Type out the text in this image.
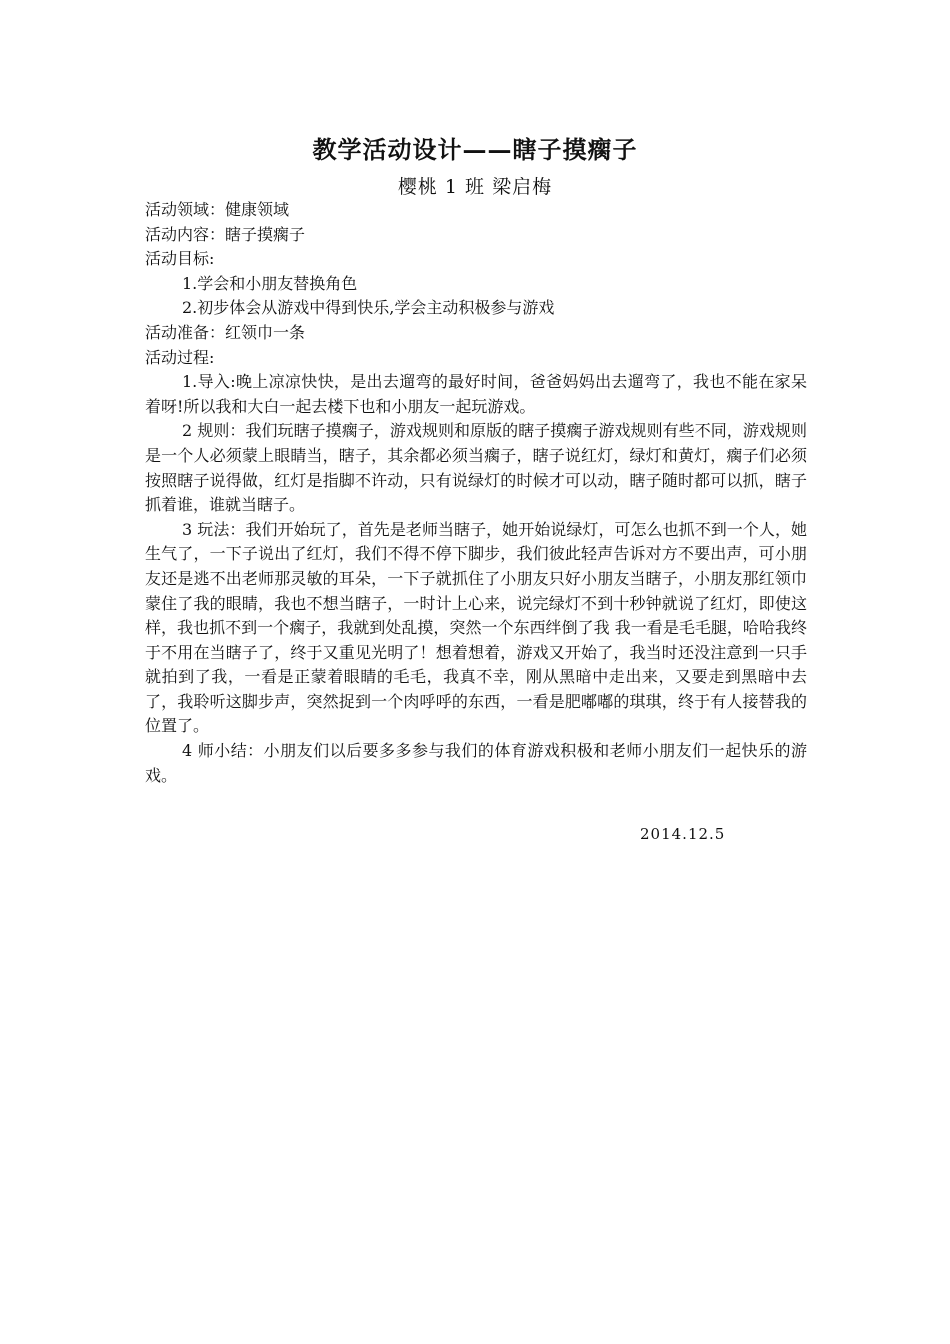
教学活动设计——瞎子摸瘸子
樱桃 1 班 梁启梅

活动领域：健康领域

活动内容：瞎子摸瘸子

活动目标:

1.学会和小朋友替换角色

2.初步体会从游戏中得到快乐,学会主动积极参与游戏

活动准备：红领巾一条

活动过程:

1.导入:晚上凉凉快快，是出去遛弯的最好时间，爸爸妈妈出去遛弯了，我也不能在家呆着呀!所以我和大白一起去楼下也和小朋友一起玩游戏。

2 规则：我们玩瞎子摸瘸子，游戏规则和原版的瞎子摸瘸子游戏规则有些不同，游戏规则是一个人必须蒙上眼睛当，瞎子，其余都必须当瘸子，瞎子说红灯，绿灯和黄灯，瘸子们必须按照瞎子说得做，红灯是指脚不许动，只有说绿灯的时候才可以动，瞎子随时都可以抓，瞎子抓着谁，谁就当瞎子。

3 玩法：我们开始玩了，首先是老师当瞎子，她开始说绿灯，可怎么也抓不到一个人，她生气了，一下子说出了红灯，我们不得不停下脚步，我们彼此轻声告诉对方不要出声，可小朋友还是逃不出老师那灵敏的耳朵，一下子就抓住了小朋友只好小朋友当瞎子，小朋友那红领巾蒙住了我的眼睛，我也不想当瞎子，一时计上心来，说完绿灯不到十秒钟就说了红灯，即使这样，我也抓不到一个瘸子，我就到处乱摸，突然一个东西绊倒了我 我一看是毛毛腿，哈哈我终于不用在当瞎子了，终于又重见光明了！想着想着，游戏又开始了，我当时还没注意到一只手就拍到了我，一看是正蒙着眼睛的毛毛，我真不幸，刚从黑暗中走出来，又要走到黑暗中去了，我聆听这脚步声，突然捉到一个肉呼呼的东西，一看是肥嘟嘟的琪琪，终于有人接替我的位置了。

4 师小结：小朋友们以后要多多参与我们的体育游戏积极和老师小朋友们一起快乐的游戏。

2014.12.5
